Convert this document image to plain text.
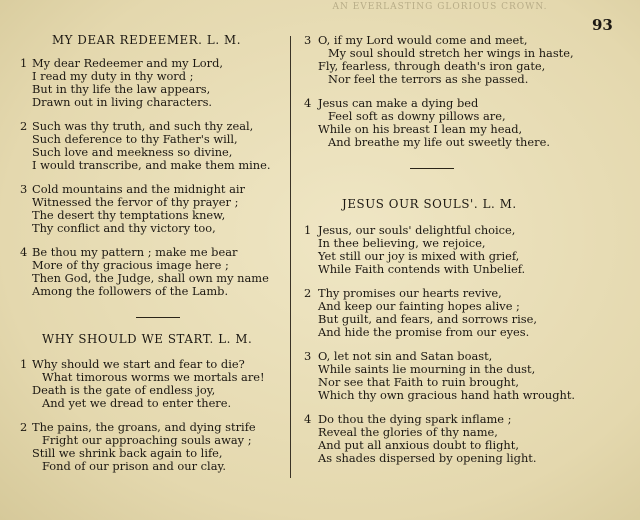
AN EVERLASTING GLORIOUS CROWN.
93
MY DEAR REDEEMER. L. M.
1 My dear Redeemer and my Lord,
I read my duty in thy word ;
But in thy life the law appears,
Drawn out in living characters.
2 Such was thy truth, and such thy zeal,
Such deference to thy Father's will,
Such love and meekness so divine,
I would transcribe, and make them mine.
3 Cold mountains and the midnight air
Witnessed the fervor of thy prayer ;
The desert thy temptations knew,
Thy conflict and thy victory too,
4 Be thou my pattern ; make me bear
More of thy gracious image here ;
Then God, the Judge, shall own my name
Among the followers of the Lamb.
WHY SHOULD WE START. L. M.
1 Why should we start and fear to die?
What timorous worms we mortals are!
Death is the gate of endless joy,
And yet we dread to enter there.
2 The pains, the groans, and dying strife
Fright our approaching souls away ;
Still we shrink back again to life,
Fond of our prison and our clay.
3 O, if my Lord would come and meet,
My soul should stretch her wings in haste,
Fly, fearless, through death's iron gate,
Nor feel the terrors as she passed.
4 Jesus can make a dying bed
Feel soft as downy pillows are,
While on his breast I lean my head,
And breathe my life out sweetly there.
JESUS OUR SOULS'. L. M.
1 Jesus, our souls' delightful choice,
In thee believing, we rejoice,
Yet still our joy is mixed with grief,
While Faith contends with Unbelief.
2 Thy promises our hearts revive,
And keep our fainting hopes alive ;
But guilt, and fears, and sorrows rise,
And hide the promise from our eyes.
3 O, let not sin and Satan boast,
While saints lie mourning in the dust,
Nor see that Faith to ruin brought,
Which thy own gracious hand hath wrought.
4 Do thou the dying spark inflame ;
Reveal the glories of thy name,
And put all anxious doubt to flight,
As shades dispersed by opening light.
